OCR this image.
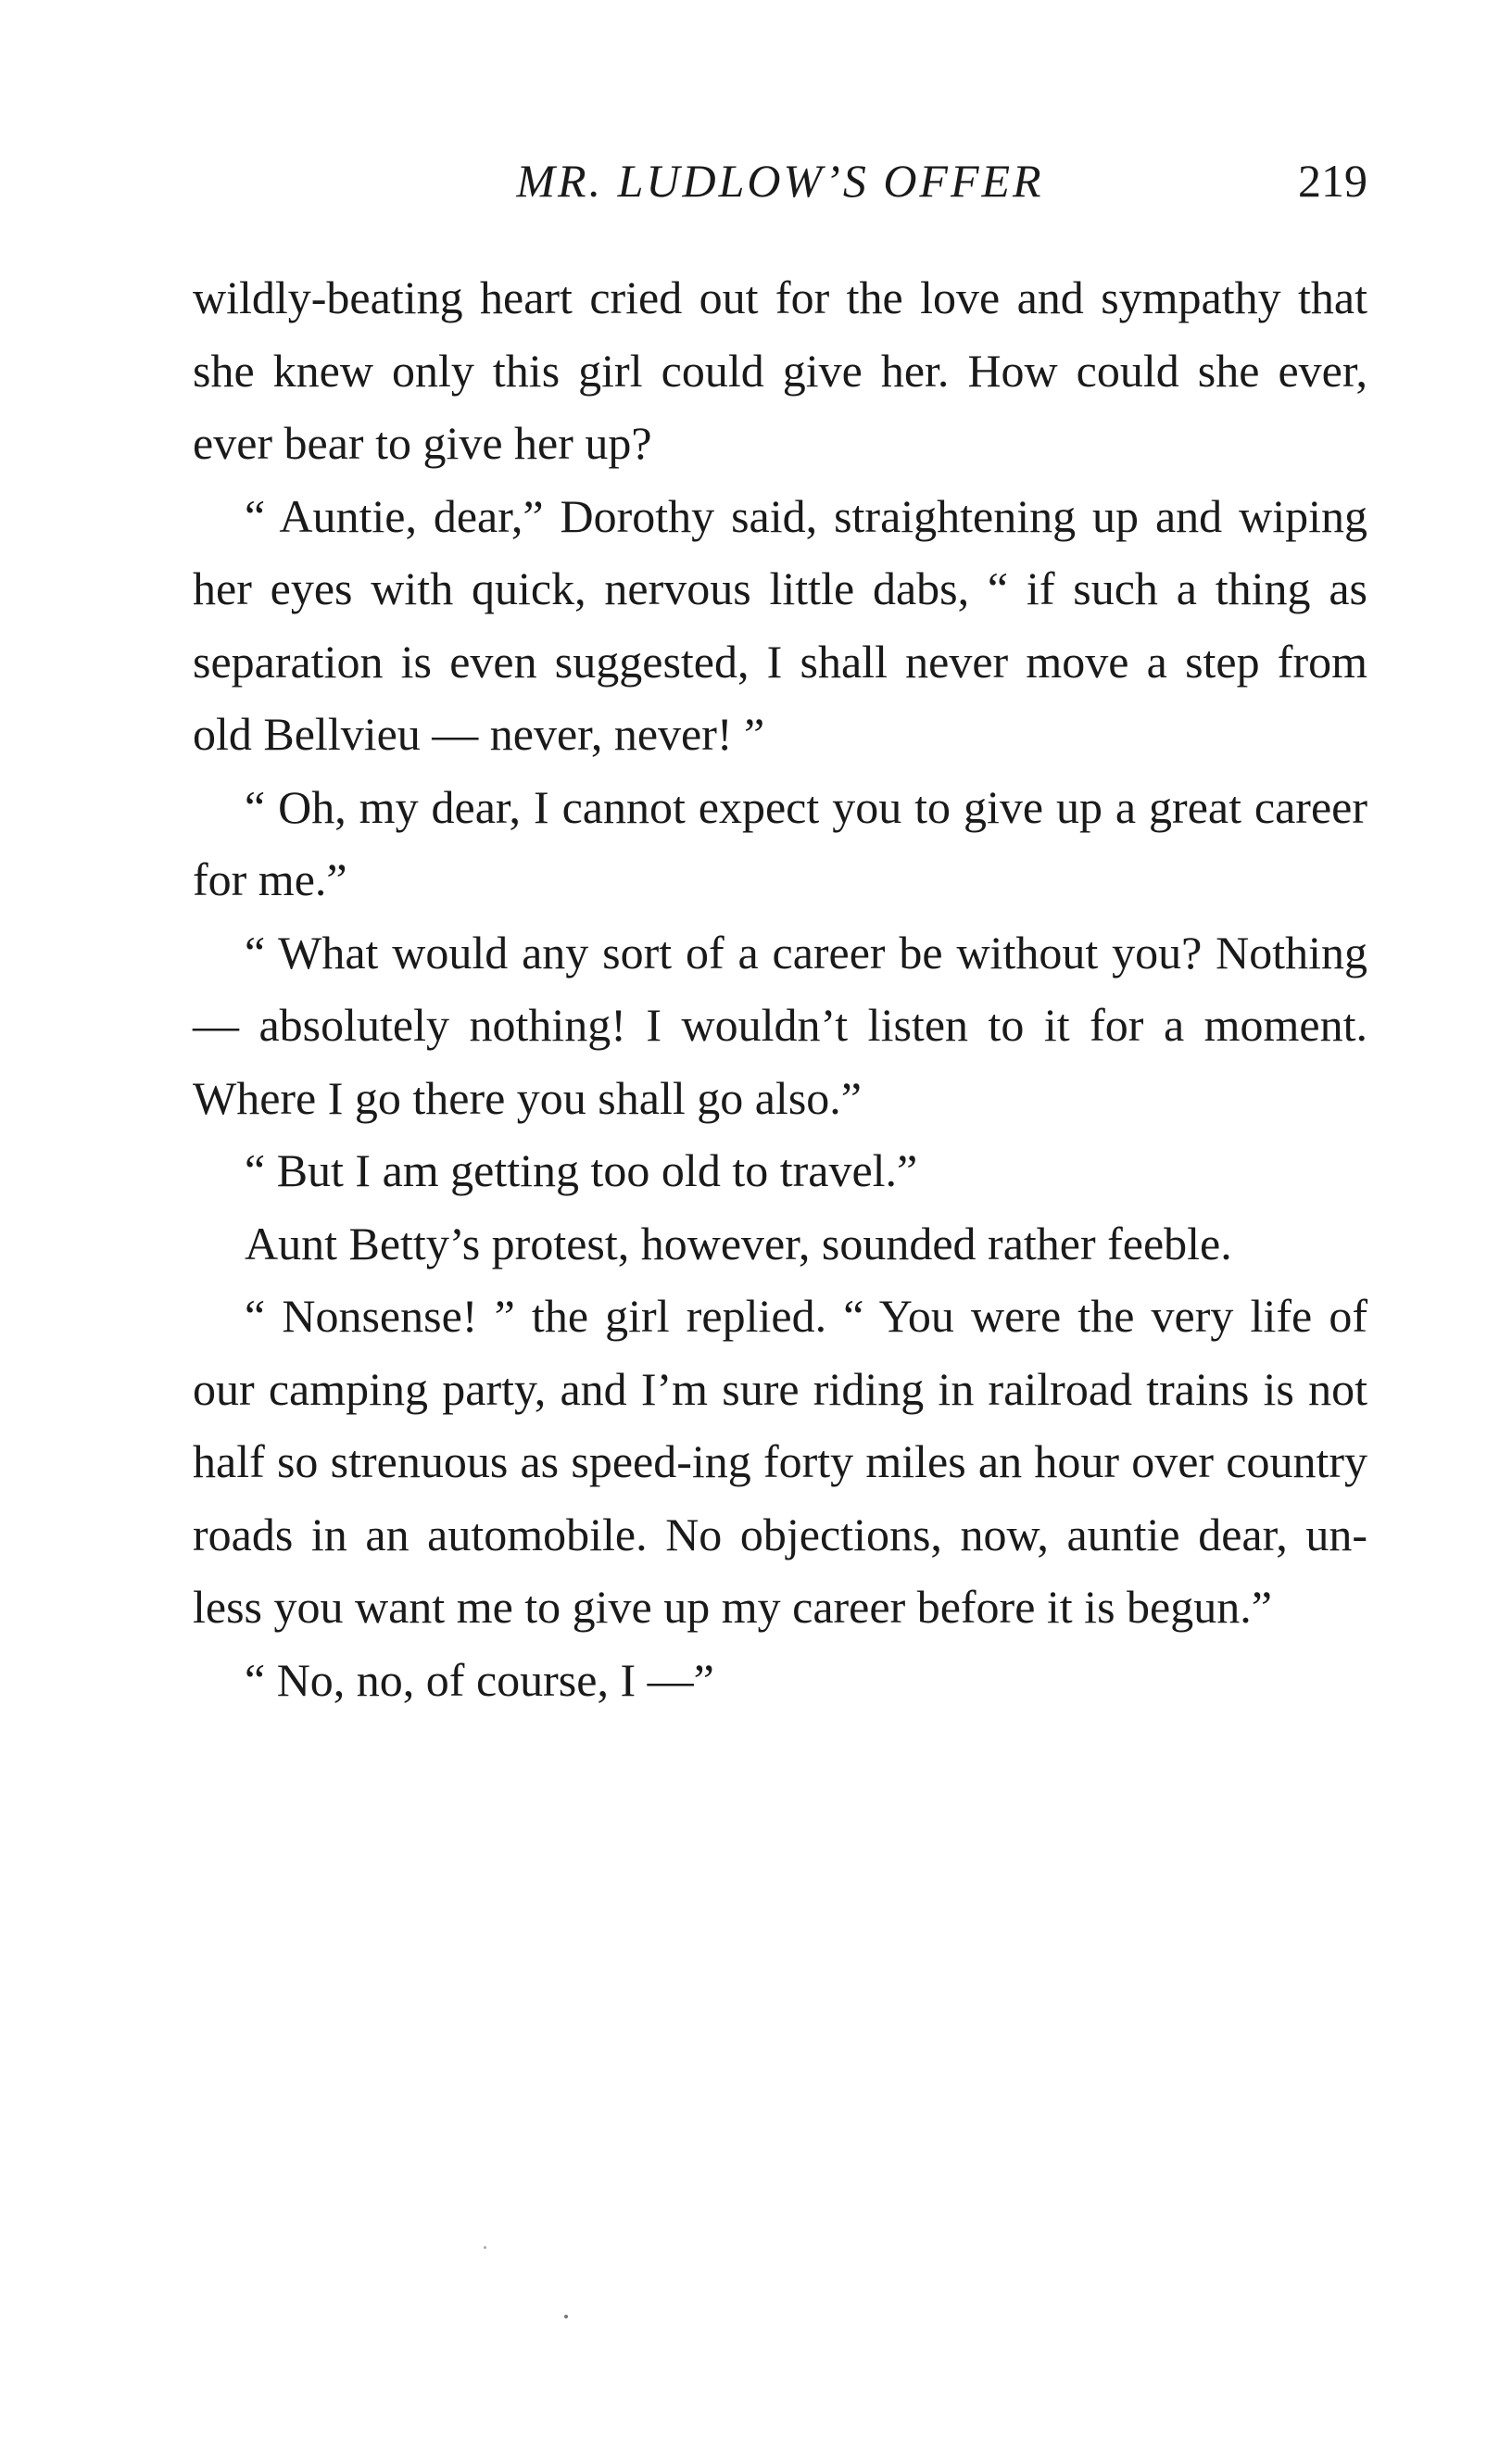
MR. LUDLOW’S OFFER	219

wildly-beating heart cried out for the love and sympathy that she knew only this girl could give her. How could she ever, ever bear to give her up?

“ Auntie, dear,” Dorothy said, straightening up and wiping her eyes with quick, nervous little dabs, “ if such a thing as separation is even suggested, I shall never move a step from old Bellvieu — never, never! ”

“ Oh, my dear, I cannot expect you to give up a great career for me.”

“ What would any sort of a career be without you? Nothing — absolutely nothing! I wouldn’t listen to it for a moment. Where I go there you shall go also.”

“ But I am getting too old to travel.”

Aunt Betty’s protest, however, sounded rather feeble.

“ Nonsense! ” the girl replied. “ You were the very life of our camping party, and I’m sure riding in railroad trains is not half so strenuous as speed-ing forty miles an hour over country roads in an automobile. No objections, now, auntie dear, un-less you want me to give up my career before it is begun.”

“ No, no, of course, I —”
